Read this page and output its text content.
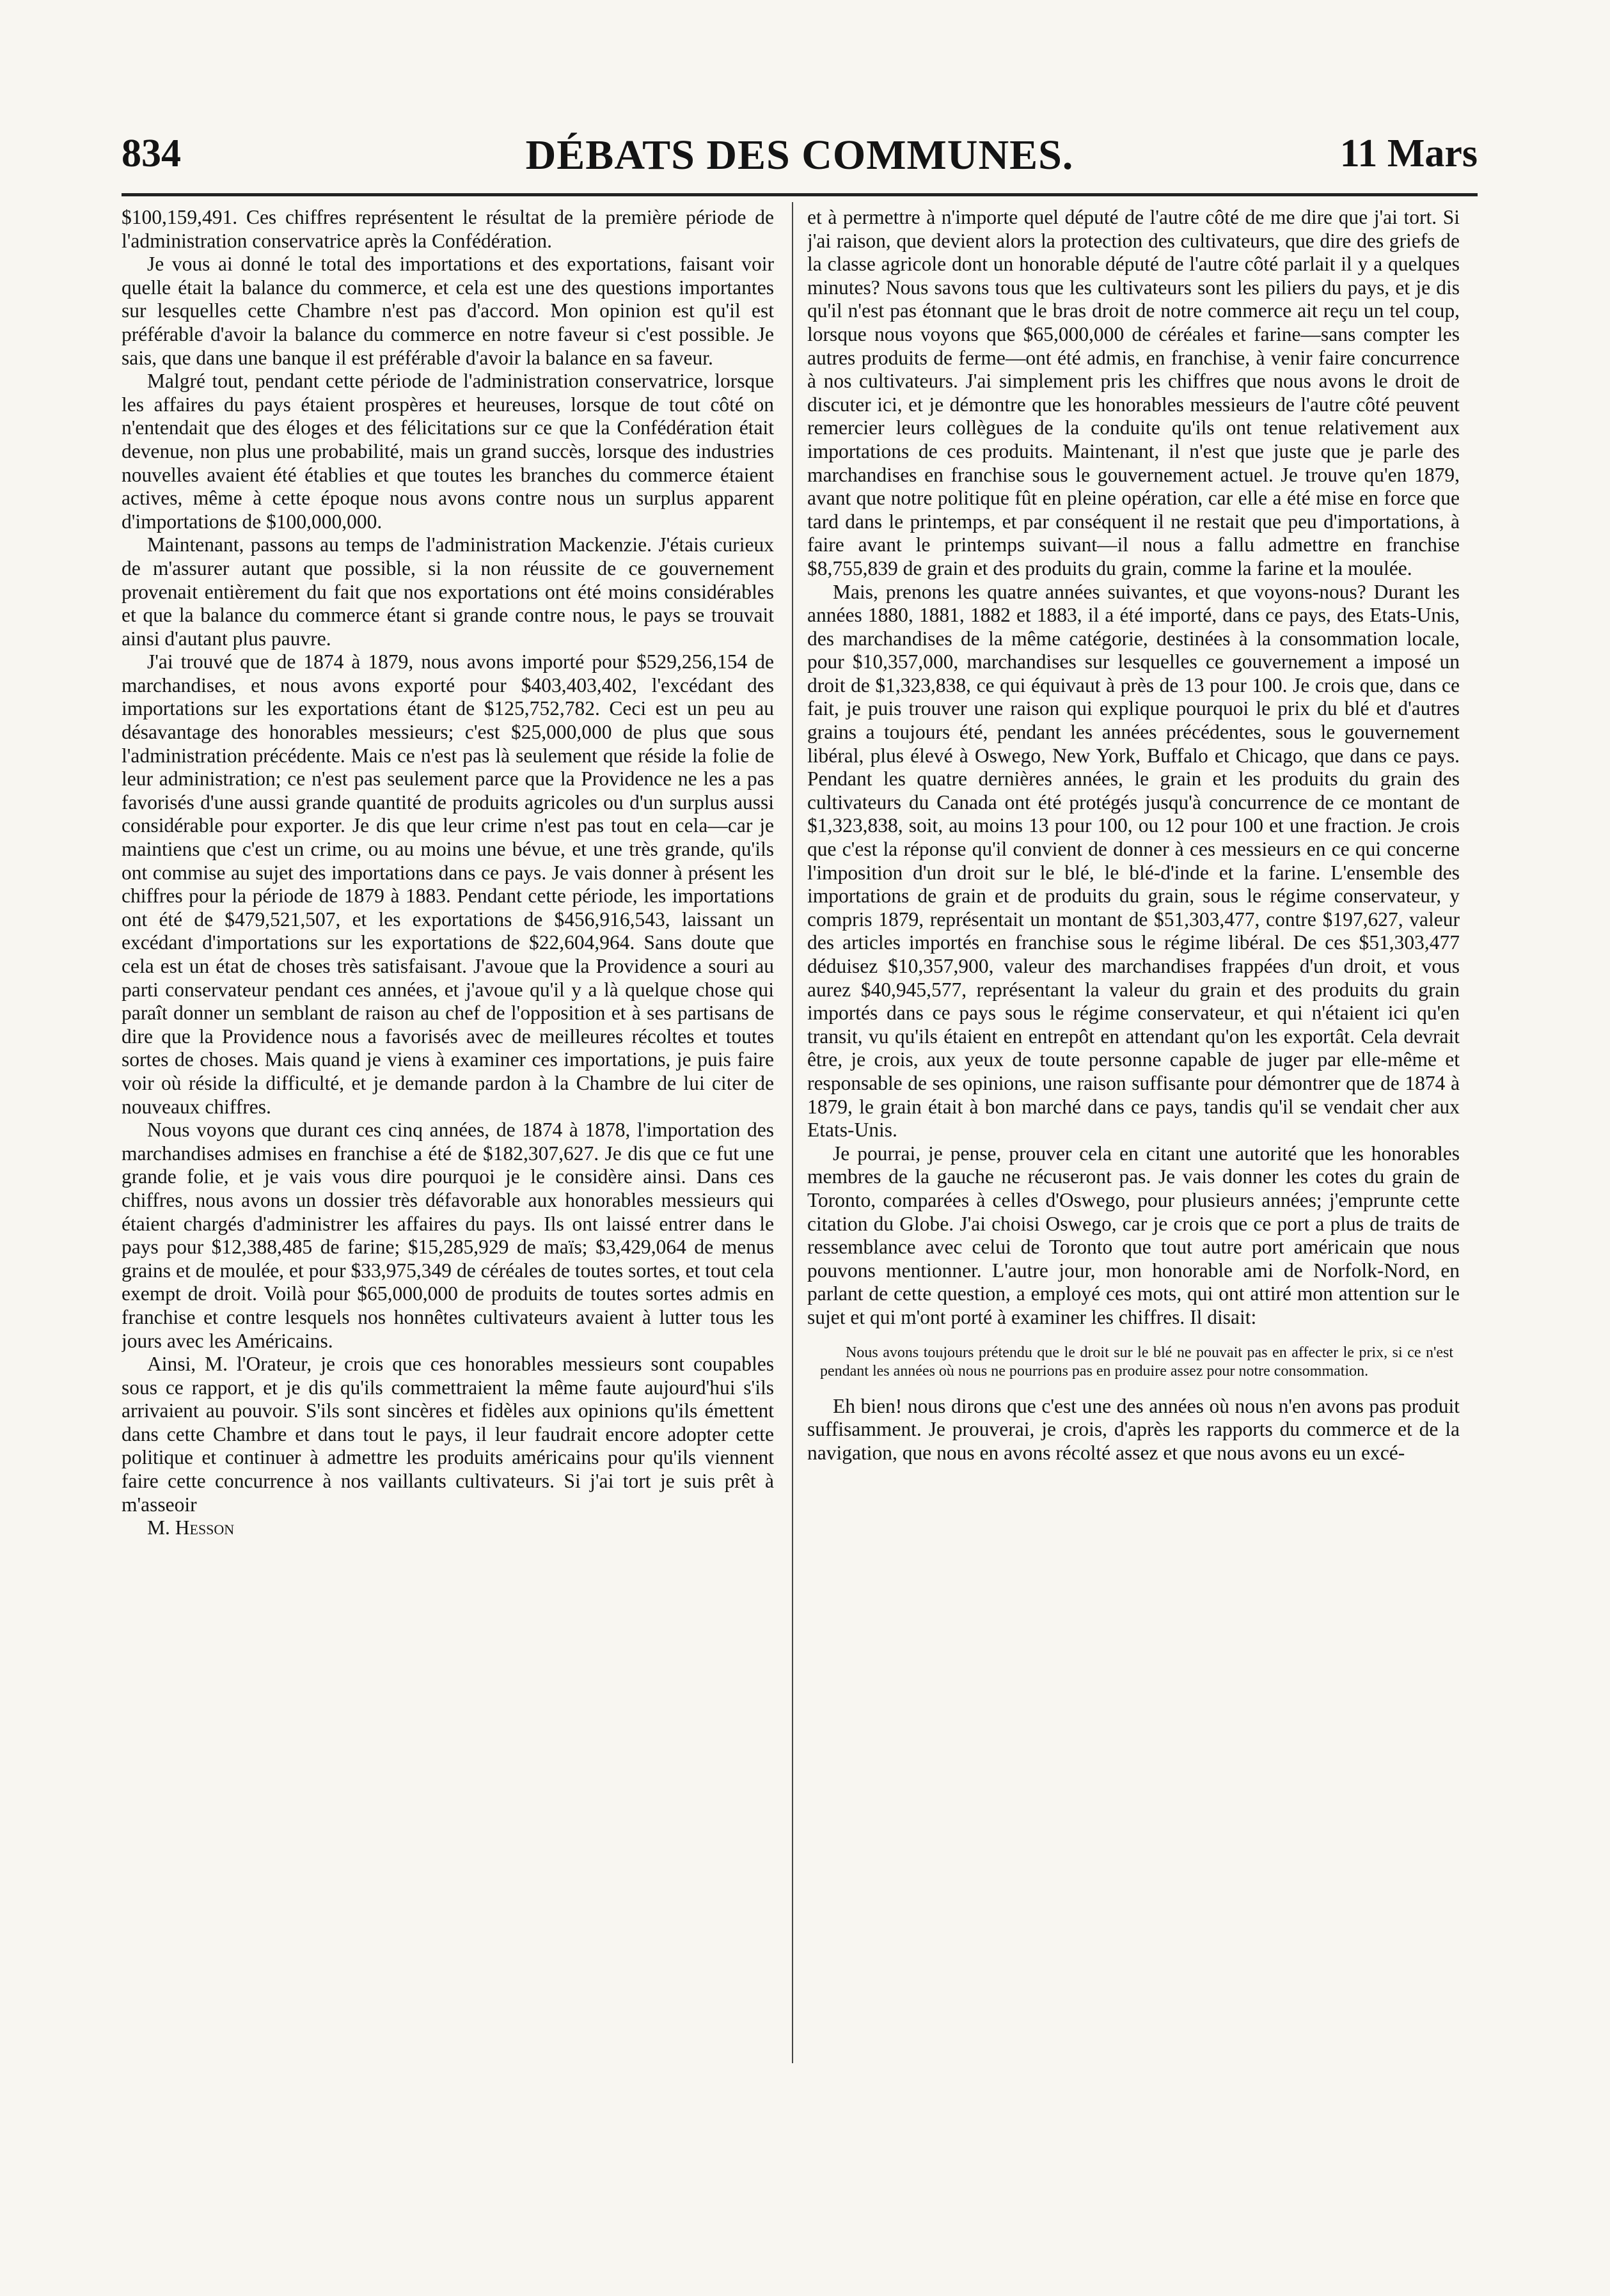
834	DÉBATS DES COMMUNES.	11 Mars

$100,159,491. Ces chiffres représentent le résultat de la première période de l'administration conservatrice après la Confédération.

Je vous ai donné le total des importations et des exportations, faisant voir quelle était la balance du commerce, et cela est une des questions importantes sur lesquelles cette Chambre n'est pas d'accord. Mon opinion est qu'il est préférable d'avoir la balance du commerce en notre faveur si c'est possible. Je sais, que dans une banque il est préférable d'avoir la balance en sa faveur.

Malgré tout, pendant cette période de l'administration conservatrice, lorsque les affaires du pays étaient prospères et heureuses, lorsque de tout côté on n'entendait que des éloges et des félicitations sur ce que la Confédération était devenue, non plus une probabilité, mais un grand succès, lorsque des industries nouvelles avaient été établies et que toutes les branches du commerce étaient actives, même à cette époque nous avons contre nous un surplus apparent d'importations de $100,000,000.

Maintenant, passons au temps de l'administration Mackenzie. J'étais curieux de m'assurer autant que possible, si la non réussite de ce gouvernement provenait entièrement du fait que nos exportations ont été moins considérables et que la balance du commerce étant si grande contre nous, le pays se trouvait ainsi d'autant plus pauvre.

J'ai trouvé que de 1874 à 1879, nous avons importé pour $529,256,154 de marchandises, et nous avons exporté pour $403,403,402, l'excédant des importations sur les exportations étant de $125,752,782. Ceci est un peu au désavantage des honorables messieurs; c'est $25,000,000 de plus que sous l'administration précédente. Mais ce n'est pas là seulement que réside la folie de leur administration; ce n'est pas seulement parce que la Providence ne les a pas favorisés d'une aussi grande quantité de produits agricoles ou d'un surplus aussi considérable pour exporter. Je dis que leur crime n'est pas tout en cela—car je maintiens que c'est un crime, ou au moins une bévue, et une très grande, qu'ils ont commise au sujet des importations dans ce pays. Je vais donner à présent les chiffres pour la période de 1879 à 1883. Pendant cette période, les importations ont été de $479,521,507, et les exportations de $456,916,543, laissant un excédant d'importations sur les exportations de $22,604,964. Sans doute que cela est un état de choses très satisfaisant. J'avoue que la Providence a souri au parti conservateur pendant ces années, et j'avoue qu'il y a là quelque chose qui paraît donner un semblant de raison au chef de l'opposition et à ses partisans de dire que la Providence nous a favorisés avec de meilleures récoltes et toutes sortes de choses. Mais quand je viens à examiner ces importations, je puis faire voir où réside la difficulté, et je demande pardon à la Chambre de lui citer de nouveaux chiffres.

Nous voyons que durant ces cinq années, de 1874 à 1878, l'importation des marchandises admises en franchise a été de $182,307,627. Je dis que ce fut une grande folie, et je vais vous dire pourquoi je le considère ainsi. Dans ces chiffres, nous avons un dossier très défavorable aux honorables messieurs qui étaient chargés d'administrer les affaires du pays. Ils ont laissé entrer dans le pays pour $12,388,485 de farine; $15,285,929 de maïs; $3,429,064 de menus grains et de moulée, et pour $33,975,349 de céréales de toutes sortes, et tout cela exempt de droit. Voilà pour $65,000,000 de produits de toutes sortes admis en franchise et contre lesquels nos honnêtes cultivateurs avaient à lutter tous les jours avec les Américains.

Ainsi, M. l'Orateur, je crois que ces honorables messieurs sont coupables sous ce rapport, et je dis qu'ils commettraient la même faute aujourd'hui s'ils arrivaient au pouvoir. S'ils sont sincères et fidèles aux opinions qu'ils émettent dans cette Chambre et dans tout le pays, il leur faudrait encore adopter cette politique et continuer à admettre les produits américains pour qu'ils viennent faire cette concurrence à nos vaillants cultivateurs. Si j'ai tort je suis prêt à m'asseoir

M. Hesson

et à permettre à n'importe quel député de l'autre côté de me dire que j'ai tort. Si j'ai raison, que devient alors la protection des cultivateurs, que dire des griefs de la classe agricole dont un honorable député de l'autre côté parlait il y a quelques minutes? Nous savons tous que les cultivateurs sont les piliers du pays, et je dis qu'il n'est pas étonnant que le bras droit de notre commerce ait reçu un tel coup, lorsque nous voyons que $65,000,000 de céréales et farine—sans compter les autres produits de ferme—ont été admis, en franchise, à venir faire concurrence à nos cultivateurs. J'ai simplement pris les chiffres que nous avons le droit de discuter ici, et je démontre que les honorables messieurs de l'autre côté peuvent remercier leurs collègues de la conduite qu'ils ont tenue relativement aux importations de ces produits. Maintenant, il n'est que juste que je parle des marchandises en franchise sous le gouvernement actuel. Je trouve qu'en 1879, avant que notre politique fût en pleine opération, car elle a été mise en force que tard dans le printemps, et par conséquent il ne restait que peu d'importations, à faire avant le printemps suivant—il nous a fallu admettre en franchise $8,755,839 de grain et des produits du grain, comme la farine et la moulée.

Mais, prenons les quatre années suivantes, et que voyons-nous? Durant les années 1880, 1881, 1882 et 1883, il a été importé, dans ce pays, des Etats-Unis, des marchandises de la même catégorie, destinées à la consommation locale, pour $10,357,000, marchandises sur lesquelles ce gouvernement a imposé un droit de $1,323,838, ce qui équivaut à près de 13 pour 100. Je crois que, dans ce fait, je puis trouver une raison qui explique pourquoi le prix du blé et d'autres grains a toujours été, pendant les années précédentes, sous le gouvernement libéral, plus élevé à Oswego, New York, Buffalo et Chicago, que dans ce pays. Pendant les quatre dernières années, le grain et les produits du grain des cultivateurs du Canada ont été protégés jusqu'à concurrence de ce montant de $1,323,838, soit, au moins 13 pour 100, ou 12 pour 100 et une fraction. Je crois que c'est la réponse qu'il convient de donner à ces messieurs en ce qui concerne l'imposition d'un droit sur le blé, le blé-d'inde et la farine. L'ensemble des importations de grain et de produits du grain, sous le régime conservateur, y compris 1879, représentait un montant de $51,303,477, contre $197,627, valeur des articles importés en franchise sous le régime libéral. De ces $51,303,477 déduisez $10,357,900, valeur des marchandises frappées d'un droit, et vous aurez $40,945,577, représentant la valeur du grain et des produits du grain importés dans ce pays sous le régime conservateur, et qui n'étaient ici qu'en transit, vu qu'ils étaient en entrepôt en attendant qu'on les exportât. Cela devrait être, je crois, aux yeux de toute personne capable de juger par elle-même et responsable de ses opinions, une raison suffisante pour démontrer que de 1874 à 1879, le grain était à bon marché dans ce pays, tandis qu'il se vendait cher aux Etats-Unis.

Je pourrai, je pense, prouver cela en citant une autorité que les honorables membres de la gauche ne récuseront pas. Je vais donner les cotes du grain de Toronto, comparées à celles d'Oswego, pour plusieurs années; j'emprunte cette citation du Globe. J'ai choisi Oswego, car je crois que ce port a plus de traits de ressemblance avec celui de Toronto que tout autre port américain que nous pouvons mentionner. L'autre jour, mon honorable ami de Norfolk-Nord, en parlant de cette question, a employé ces mots, qui ont attiré mon attention sur le sujet et qui m'ont porté à examiner les chiffres. Il disait:

Nous avons toujours prétendu que le droit sur le blé ne pouvait pas en affecter le prix, si ce n'est pendant les années où nous ne pourrions pas en produire assez pour notre consommation.

Eh bien! nous dirons que c'est une des années où nous n'en avons pas produit suffisamment. Je prouverai, je crois, d'après les rapports du commerce et de la navigation, que nous en avons récolté assez et que nous avons eu un excé-
